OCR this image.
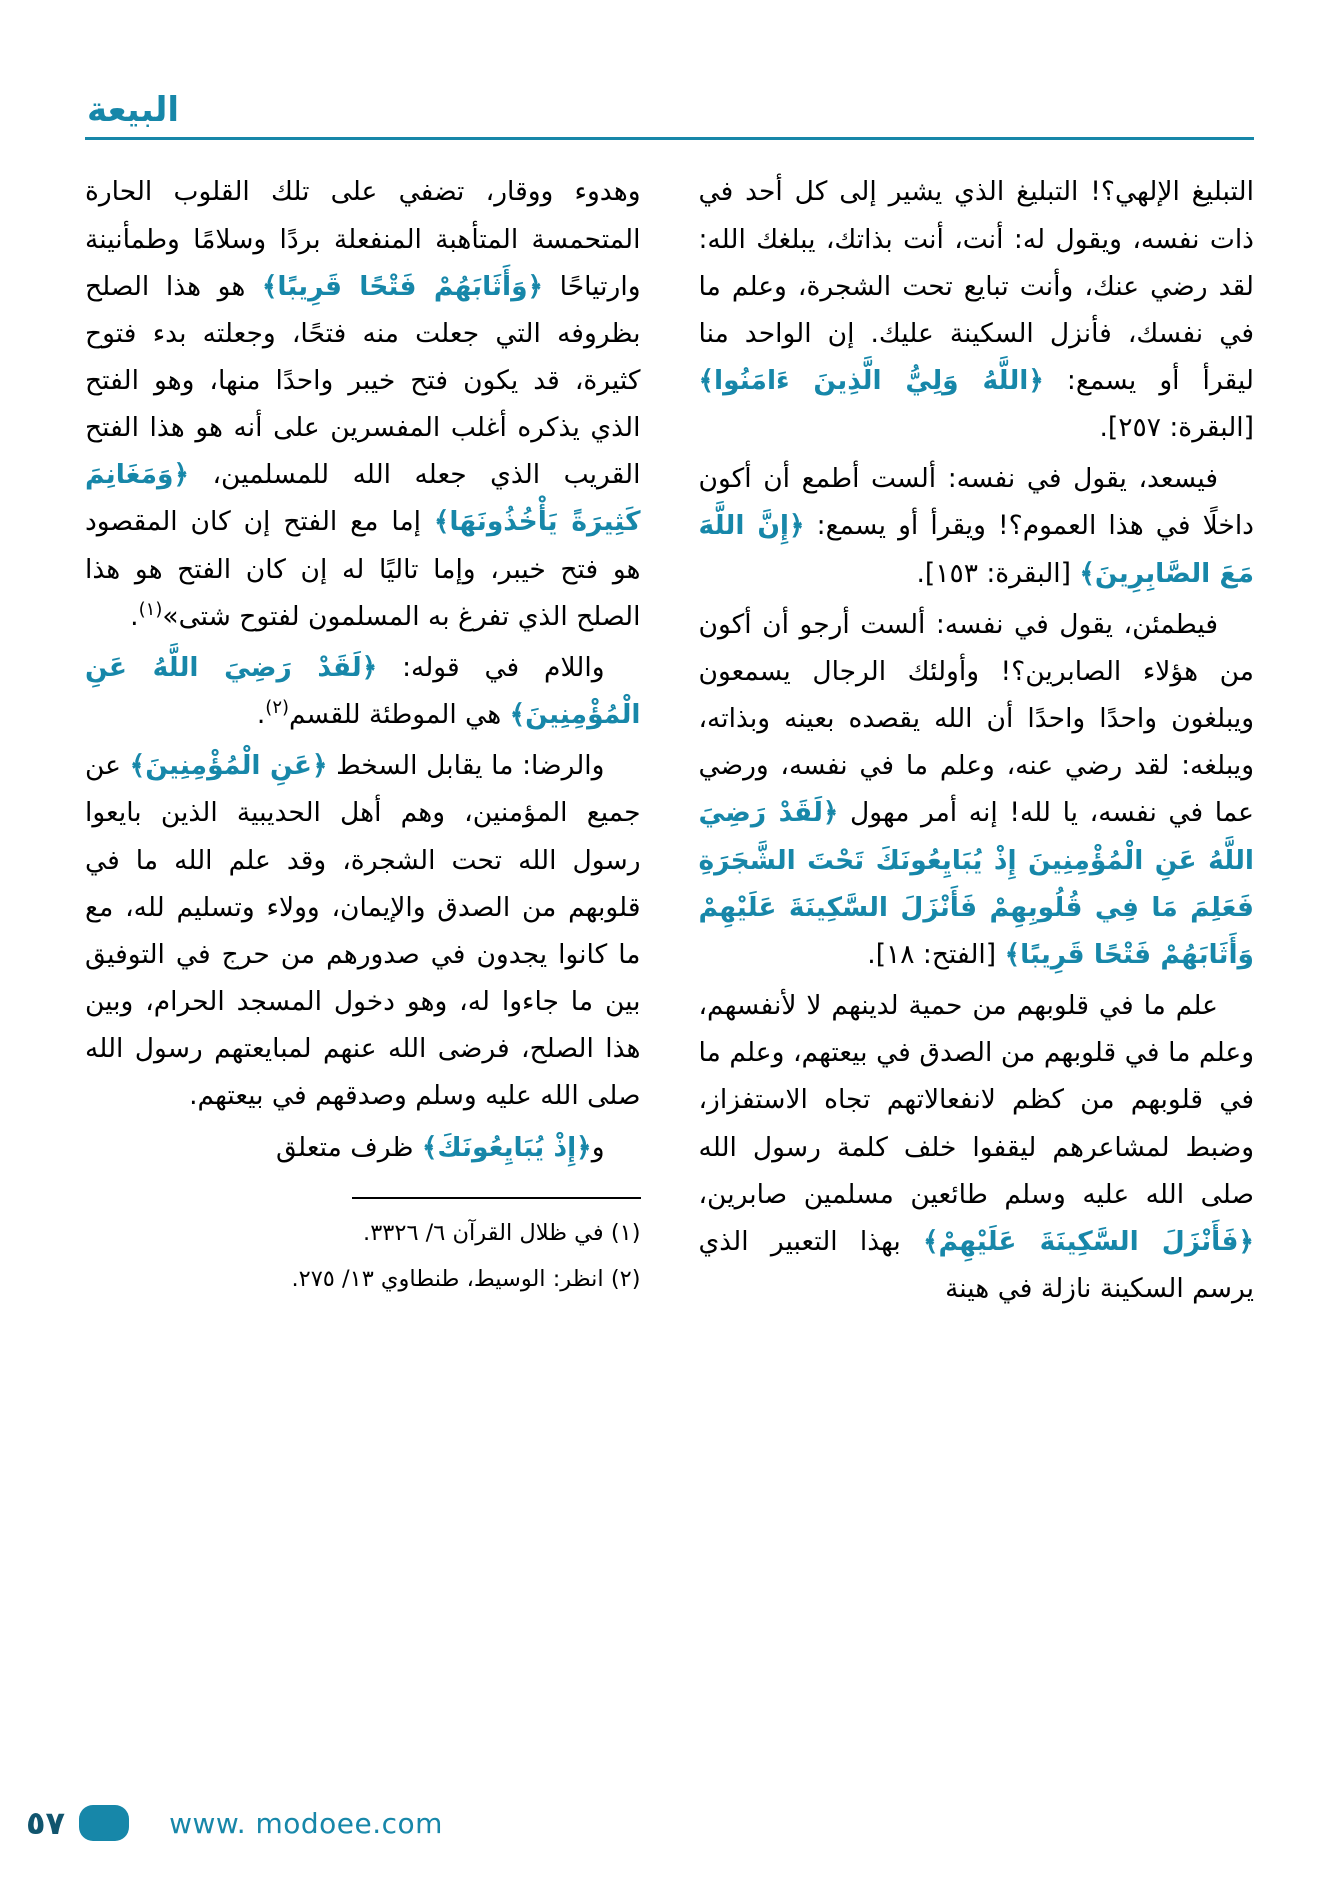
البيعة

التبليغ الإلهي؟! التبليغ الذي يشير إلى كل أحد في ذات نفسه، ويقول له: أنت، أنت بذاتك، يبلغك الله: لقد رضي عنك، وأنت تبايع تحت الشجرة، وعلم ما في نفسك، فأنزل السكينة عليك. إن الواحد منا ليقرأ أو يسمع: ﴿اللَّهُ وَلِيُّ الَّذِينَ ءَامَنُوا﴾ [البقرة: ٢٥٧].

فيسعد، يقول في نفسه: ألست أطمع أن أكون داخلًا في هذا العموم؟! ويقرأ أو يسمع: ﴿إِنَّ اللَّهَ مَعَ الصَّابِرِينَ﴾ [البقرة: ١٥٣].

فيطمئن، يقول في نفسه: ألست أرجو أن أكون من هؤلاء الصابرين؟! وأولئك الرجال يسمعون ويبلغون واحدًا واحدًا أن الله يقصده بعينه وبذاته، ويبلغه: لقد رضي عنه، وعلم ما في نفسه، ورضي عما في نفسه، يا لله! إنه أمر مهول ﴿لَقَدْ رَضِيَ اللَّهُ عَنِ الْمُؤْمِنِينَ إِذْ يُبَايِعُونَكَ تَحْتَ الشَّجَرَةِ فَعَلِمَ مَا فِي قُلُوبِهِمْ فَأَنْزَلَ السَّكِينَةَ عَلَيْهِمْ وَأَثَابَهُمْ فَتْحًا قَرِيبًا﴾ [الفتح: ١٨].

علم ما في قلوبهم من حمية لدينهم لا لأنفسهم، وعلم ما في قلوبهم من الصدق في بيعتهم، وعلم ما في قلوبهم من كظم لانفعالاتهم تجاه الاستفزاز، وضبط لمشاعرهم ليقفوا خلف كلمة رسول الله صلى الله عليه وسلم طائعين مسلمين صابرين، ﴿فَأَنْزَلَ السَّكِينَةَ عَلَيْهِمْ﴾ بهذا التعبير الذي يرسم السكينة نازلة في هينة

وهدوء ووقار، تضفي على تلك القلوب الحارة المتحمسة المتأهبة المنفعلة بردًا وسلامًا وطمأنينة وارتياحًا ﴿وَأَثَابَهُمْ فَتْحًا قَرِيبًا﴾ هو هذا الصلح بظروفه التي جعلت منه فتحًا، وجعلته بدء فتوح كثيرة، قد يكون فتح خيبر واحدًا منها، وهو الفتح الذي يذكره أغلب المفسرين على أنه هو هذا الفتح القريب الذي جعله الله للمسلمين، ﴿وَمَغَانِمَ كَثِيرَةً يَأْخُذُونَهَا﴾ إما مع الفتح إن كان المقصود هو فتح خيبر، وإما تاليًا له إن كان الفتح هو هذا الصلح الذي تفرغ به المسلمون لفتوح شتى»$^{(١)}$.

واللام في قوله: ﴿لَقَدْ رَضِيَ اللَّهُ عَنِ الْمُؤْمِنِينَ﴾ هي الموطئة للقسم$^{(٢)}$.

والرضا: ما يقابل السخط ﴿عَنِ الْمُؤْمِنِينَ﴾ عن جميع المؤمنين، وهم أهل الحديبية الذين بايعوا رسول الله تحت الشجرة، وقد علم الله ما في قلوبهم من الصدق والإيمان، وولاء وتسليم لله، مع ما كانوا يجدون في صدورهم من حرج في التوفيق بين ما جاءوا له، وهو دخول المسجد الحرام، وبين هذا الصلح، فرضى الله عنهم لمبايعتهم رسول الله صلى الله عليه وسلم وصدقهم في بيعتهم.

و﴿إِذْ يُبَايِعُونَكَ﴾ ظرف متعلق

(١) في ظلال القرآن ٦/ ٣٣٢٦.

(٢) انظر: الوسيط، طنطاوي ١٣/ ٢٧٥.

٥٧	www. modoee.com
